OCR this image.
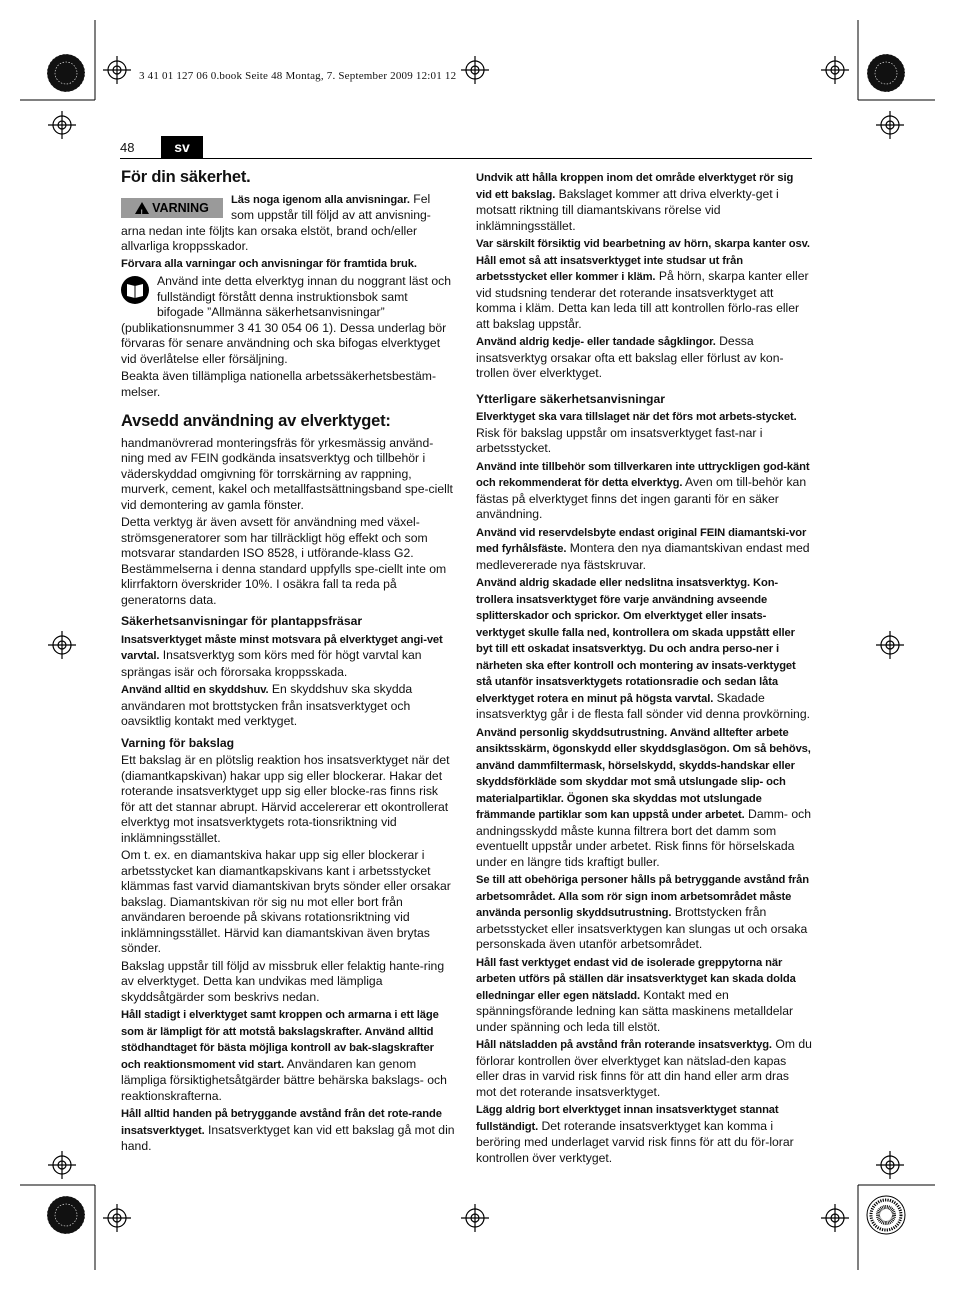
3 41 01 127 06 0.book Seite 48 Montag, 7. September 2009 12:01 12
48	sv
För din säkerhet.
!
VARNING

Läs noga igenom alla anvisningar. Fel som uppstår till följd av att anvisning-arna nedan inte följts kan orsaka elstöt, brand och/eller allvarliga kroppsskador.

Förvara alla varningar och anvisningar för framtida bruk.

Använd inte detta elverktyg innan du noggrant läst och fullständigt förstått denna instruktionsbok samt bifogade ”Allmänna säkerhetsanvisningar” (publikationsnummer 3 41 30 054 06 1). Dessa underlag bör förvaras för senare användning och ska bifogas elverktyget vid överlåtelse eller försäljning.

Beakta även tillämpliga nationella arbetssäkerhetsbestäm-melser.

Avsedd användning av elverktyget:

handmanövrerad monteringsfräs för yrkesmässig använd-ning med av FEIN godkända insatsverktyg och tillbehör i väderskyddad omgivning för torrskärning av rappning, murverk, cement, kakel och metallfastsättningsband spe-ciellt vid demontering av gamla fönster.

Detta verktyg är även avsett för användning med växel-strömsgeneratorer som har tillräckligt hög effekt och som motsvarar standarden ISO 8528, i utförande-klass G2. Bestämmelserna i denna standard uppfylls spe-ciellt inte om klirrfaktorn överskrider 10%. I osäkra fall ta reda på generatorns data.

Säkerhetsanvisningar för plantappsfräsar

Insatsverktyget måste minst motsvara på elverktyget angi-vet varvtal. Insatsverktyg som körs med för högt varvtal kan sprängas isär och förorsaka kroppsskada.

Använd alltid en skyddshuv. En skyddshuv ska skydda användaren mot brottstycken från insatsverktyget och oavsiktlig kontakt med verktyget.

Varning för bakslag

Ett bakslag är en plötslig reaktion hos insatsverktyget när det (diamantkapskivan) hakar upp sig eller blockerar. Hakar det roterande insatsverktyget upp sig eller blocke-ras finns risk för att det stannar abrupt. Härvid accelererar ett okontrollerat elverktyg mot insatsverktygets rota-tionsriktning vid inklämningsstället.

Om t. ex. en diamantskiva hakar upp sig eller blockerar i arbetsstycket kan diamantkapskivans kant i arbetsstycket klämmas fast varvid diamantskivan bryts sönder eller orsakar bakslag. Diamantskivan rör sig nu mot eller bort från användaren beroende på skivans rotationsriktning vid inklämningsstället. Härvid kan diamantskivan även brytas sönder.

Bakslag uppstår till följd av missbruk eller felaktig hante-ring av elverktyget. Detta kan undvikas med lämpliga skyddsåtgärder som beskrivs nedan.

Håll stadigt i elverktyget samt kroppen och armarna i ett läge som är lämpligt för att motstå bakslagskrafter. Använd alltid stödhandtaget för bästa möjliga kontroll av bak-slagskrafter och reaktionsmoment vid start. Användaren kan genom lämpliga försiktighetsåtgärder bättre behärska bakslags- och reaktionskrafterna.

Håll alltid handen på betryggande avstånd från det rote-rande insatsverktyget. Insatsverktyget kan vid ett bakslag gå mot din hand.

Undvik att hålla kroppen inom det område elverktyget rör sig vid ett bakslag. Bakslaget kommer att driva elverkty-get i motsatt riktning till diamantskivans rörelse vid inklämningsstället.

Var särskilt försiktig vid bearbetning av hörn, skarpa kanter osv. Håll emot så att insatsverktyget inte studsar ut från arbetsstycket eller kommer i kläm. På hörn, skarpa kanter eller vid studsning tenderar det roterande insatsverktyget att komma i kläm. Detta kan leda till att kontrollen förlo-ras eller att bakslag uppstår.

Använd aldrig kedje- eller tandade sågklingor. Dessa insatsverktyg orsakar ofta ett bakslag eller förlust av kon-trollen över elverktyget.

Ytterligare säkerhetsanvisningar

Elverktyget ska vara tillslaget när det förs mot arbets-stycket. Risk för bakslag uppstår om insatsverktyget fast-nar i arbetsstycket.

Använd inte tillbehör som tillverkaren inte uttryckligen god-känt och rekommenderat för detta elverktyg. Aven om till-behör kan fästas på elverktyget finns det ingen garanti för en säker användning.

Använd vid reservdelsbyte endast original FEIN diamantski-vor med fyrhålsfäste. Montera den nya diamantskivan endast med medlevererade nya fästskruvar.

Använd aldrig skadade eller nedslitna insatsverktyg. Kon-trollera insatsverktyget före varje användning avseende splitterskador och sprickor. Om elverktyget eller insats-verktyget skulle falla ned, kontrollera om skada uppstått eller byt till ett oskadat insatsverktyg. Du och andra perso-ner i närheten ska efter kontroll och montering av insats-verktyget stå utanför insatsverktygets rotationsradie och sedan låta elverktyget rotera en minut på högsta varvtal. Skadade insatsverktyg går i de flesta fall sönder vid denna provkörning.

Använd personlig skyddsutrustning. Använd alltefter arbete ansiktsskärm, ögonskydd eller skyddsglasögon. Om så behövs, använd dammfiltermask, hörselskydd, skydds-handskar eller skyddsförkläde som skyddar mot små utslungade slip- och materialpartiklar. Ögonen ska skyddas mot utslungade främmande partiklar som kan uppstå under arbetet. Damm- och andningsskydd måste kunna filtrera bort det damm som eventuellt uppstår under arbetet. Risk finns för hörselskada under en längre tids kraftigt buller.

Se till att obehöriga personer hålls på betryggande avstånd från arbetsområdet. Alla som rör sign inom arbetsområdet måste använda personlig skyddsutrustning. Brottstycken från arbetsstycket eller insatsverktygen kan slungas ut och orsaka personskada även utanför arbetsområdet.

Håll fast verktyget endast vid de isolerade greppytorna när arbeten utförs på ställen där insatsverktyget kan skada dolda elledningar eller egen nätsladd. Kontakt med en spänningsförande ledning kan sätta maskinens metalldelar under spänning och leda till elstöt.

Håll nätsladden på avstånd från roterande insatsverktyg. Om du förlorar kontrollen över elverktyget kan nätslad-den kapas eller dras in varvid risk finns för att din hand eller arm dras mot det roterande insatsverktyget.

Lägg aldrig bort elverktyget innan insatsverktyget stannat fullständigt. Det roterande insatsverktyget kan komma i beröring med underlaget varvid risk finns för att du för-lorar kontrollen över verktyget.
